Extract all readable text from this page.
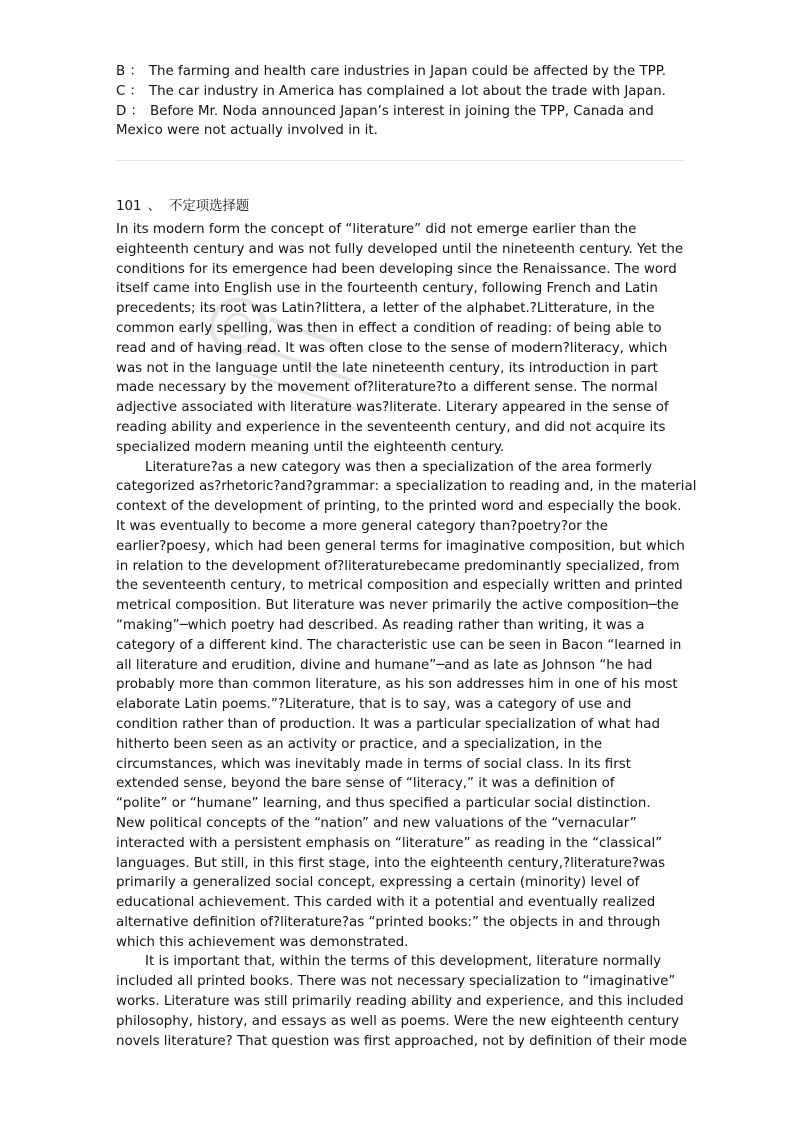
B ： The farming and health care industries in Japan could be affected by the TPP.
C ： The car industry in America has complained a lot about the trade with Japan.
D ： Before Mr. Noda announced Japan’s interest in joining the TPP, Canada and
Mexico were not actually involved in it.
101 、 不定项选择题
In its modern form the concept of “literature” did not emerge earlier than the
eighteenth century and was not fully developed until the nineteenth century. Yet the
conditions for its emergence had been developing since the Renaissance. The word
itself came into English use in the fourteenth century, following French and Latin
precedents; its root was Latin?littera, a letter of the alphabet.?Litterature, in the
common early spelling, was then in effect a condition of reading: of being able to
read and of having read. It was often close to the sense of modern?literacy, which
was not in the language until the late nineteenth century, its introduction in part
made necessary by the movement of?literature?to a different sense. The normal
adjective associated with literature was?literate. Literary appeared in the sense of
reading ability and experience in the seventeenth century, and did not acquire its
specialized modern meaning until the eighteenth century.
Literature?as a new category was then a specialization of the area formerly
categorized as?rhetoric?and?grammar: a specialization to reading and, in the material
context of the development of printing, to the printed word and especially the book.
It was eventually to become a more general category than?poetry?or the
earlier?poesy, which had been general terms for imaginative composition, but which
in relation to the development of?literaturebecame predominantly specialized, from
the seventeenth century, to metrical composition and especially written and printed
metrical composition. But literature was never primarily the active composition─the
“making”─which poetry had described. As reading rather than writing, it was a
category of a different kind. The characteristic use can be seen in Bacon “learned in
all literature and erudition, divine and humane”─and as late as Johnson “he had
probably more than common literature, as his son addresses him in one of his most
elaborate Latin poems.”?Literature, that is to say, was a category of use and
condition rather than of production. It was a particular specialization of what had
hitherto been seen as an activity or practice, and a specialization, in the
circumstances, which was inevitably made in terms of social class. In its first
extended sense, beyond the bare sense of “literacy,” it was a definition of
“polite” or “humane” learning, and thus specified a particular social distinction.
New political concepts of the “nation” and new valuations of the “vernacular”
interacted with a persistent emphasis on “literature” as reading in the “classical”
languages. But still, in this first stage, into the eighteenth century,?literature?was
primarily a generalized social concept, expressing a certain (minority) level of
educational achievement. This carded with it a potential and eventually realized
alternative definition of?literature?as “printed books:” the objects in and through
which this achievement was demonstrated.
It is important that, within the terms of this development, literature normally
included all printed books. There was not necessary specialization to “imaginative”
works. Literature was still primarily reading ability and experience, and this included
philosophy, history, and essays as well as poems. Were the new eighteenth century
novels literature? That question was first approached, not by definition of their mode
